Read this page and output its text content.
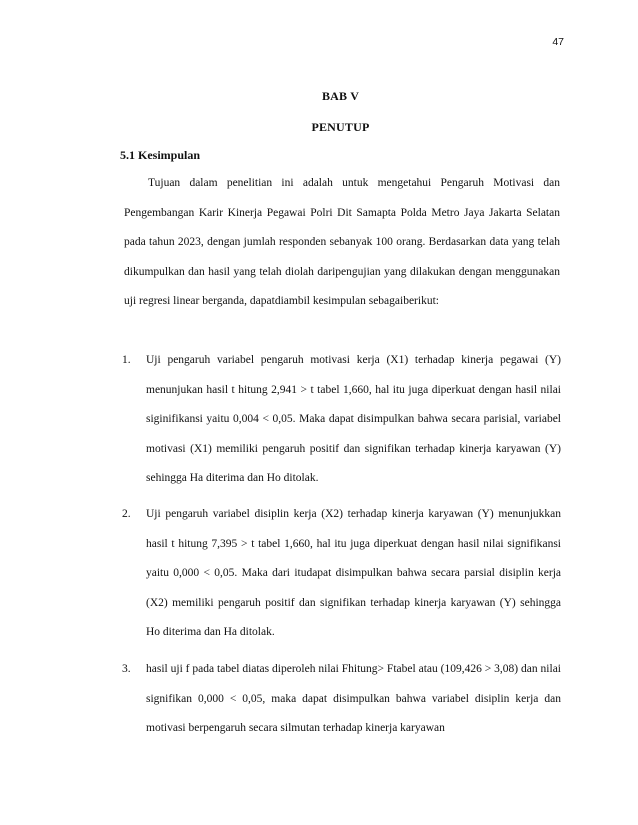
47
BAB V
PENUTUP
5.1 Kesimpulan

Tujuan dalam penelitian ini adalah untuk mengetahui Pengaruh Motivasi dan Pengembangan Karir Kinerja Pegawai Polri Dit Samapta Polda Metro Jaya Jakarta Selatan pada tahun 2023, dengan jumlah responden sebanyak 100 orang. Berdasarkan data yang telah dikumpulkan dan hasil yang telah diolah daripengujian yang dilakukan dengan menggunakan uji regresi linear berganda, dapatdiambil kesimpulan sebagaiberikut:

1. Uji pengaruh variabel pengaruh motivasi kerja (X1) terhadap kinerja pegawai (Y) menunjukan hasil t hitung 2,941 > t tabel 1,660, hal itu juga diperkuat dengan hasil nilai siginifikansi yaitu 0,004 < 0,05. Maka dapat disimpulkan bahwa secara parisial, variabel motivasi (X1) memiliki pengaruh positif dan signifikan terhadap kinerja karyawan (Y) sehingga Ha diterima dan Ho ditolak.
2. Uji pengaruh variabel disiplin kerja (X2) terhadap kinerja karyawan (Y) menunjukkan hasil t hitung 7,395 > t tabel 1,660, hal itu juga diperkuat dengan hasil nilai signifikansi yaitu 0,000 < 0,05. Maka dari itudapat disimpulkan bahwa secara parsial disiplin kerja (X2) memiliki pengaruh positif dan signifikan terhadap kinerja karyawan (Y) sehingga Ho diterima dan Ha ditolak.
3. hasil uji f pada tabel diatas diperoleh nilai Fhitung> Ftabel atau (109,426 > 3,08) dan nilai signifikan 0,000 < 0,05, maka dapat disimpulkan bahwa variabel disiplin kerja dan motivasi berpengaruh secara silmutan terhadap kinerja karyawan
